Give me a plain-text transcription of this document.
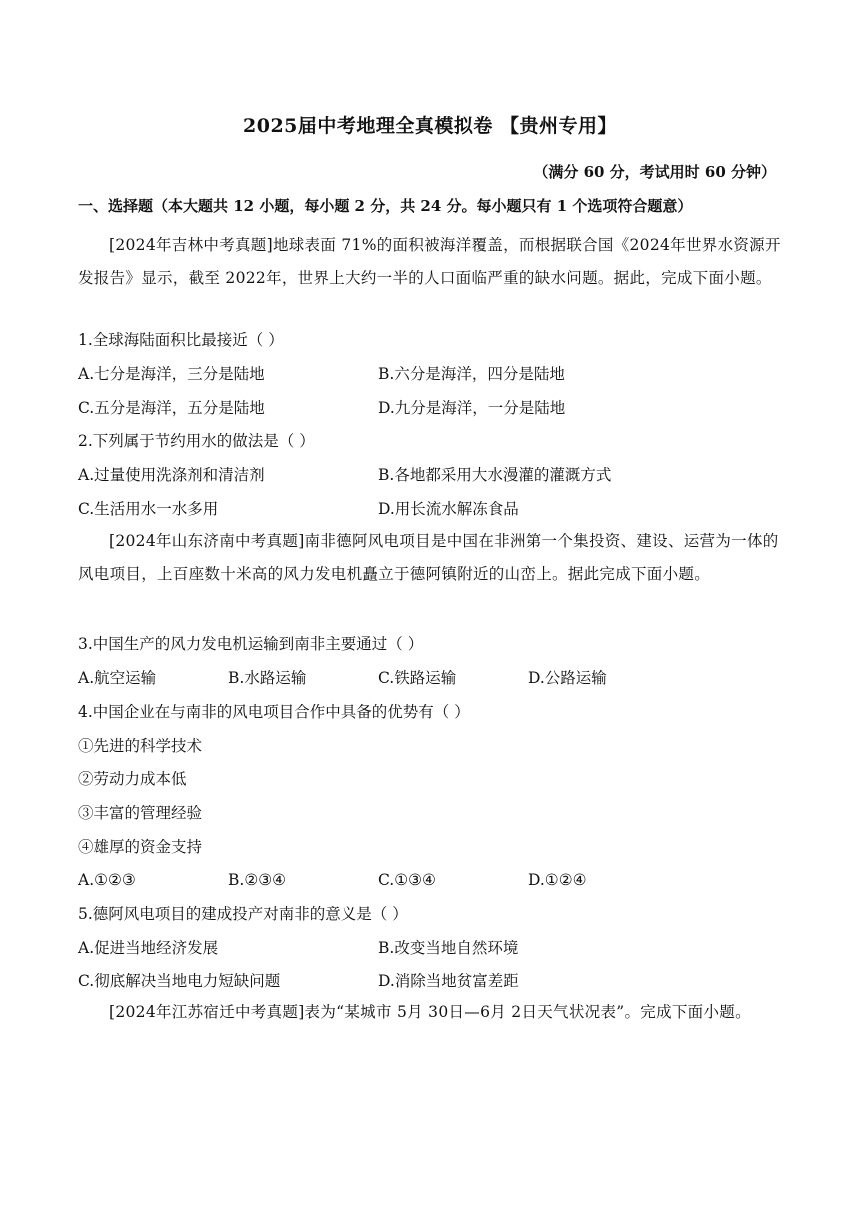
2025届中考地理全真模拟卷 【贵州专用】
（满分 60 分，考试用时 60 分钟）
一、选择题（本大题共 12 小题，每小题 2 分，共 24 分。每小题只有 1 个选项符合题意）
[2024年吉林中考真题]地球表面 71%的面积被海洋覆盖，而根据联合国《2024年世界水资源开发报告》显示，截至 2022年，世界上大约一半的人口面临严重的缺水问题。据此，完成下面小题。
1.全球海陆面积比最接近（ ）
A.七分是海洋，三分是陆地	B.六分是海洋，四分是陆地
C.五分是海洋，五分是陆地	D.九分是海洋，一分是陆地
2.下列属于节约用水的做法是（ ）
A.过量使用洗涤剂和清洁剂	B.各地都采用大水漫灌的灌溉方式
C.生活用水一水多用	D.用长流水解冻食品
[2024年山东济南中考真题]南非德阿风电项目是中国在非洲第一个集投资、建设、运营为一体的风电项目，上百座数十米高的风力发电机矗立于德阿镇附近的山峦上。据此完成下面小题。
3.中国生产的风力发电机运输到南非主要通过（ ）
A.航空运输	B.水路运输	C.铁路运输	D.公路运输
4.中国企业在与南非的风电项目合作中具备的优势有（ ）
①先进的科学技术
②劳动力成本低
③丰富的管理经验
④雄厚的资金支持
A.①②③	B.②③④	C.①③④	D.①②④
5.德阿风电项目的建成投产对南非的意义是（ ）
A.促进当地经济发展	B.改变当地自然环境
C.彻底解决当地电力短缺问题	D.消除当地贫富差距
[2024年江苏宿迁中考真题]表为“某城市 5月 30日—6月 2日天气状况表”。完成下面小题。
